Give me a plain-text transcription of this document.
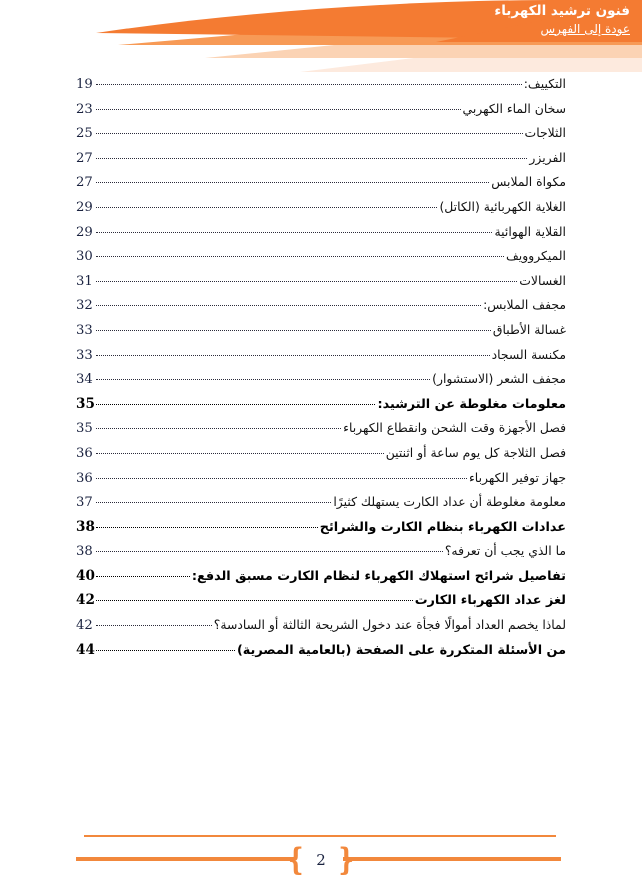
فنون ترشيد الكهرباء
عودة إلى الفهرس
التكييف:
19
سخان الماء الكهربي
23
الثلاجات
25
الفريزر
27
مكواة الملابس
27
الغلاية الكهربائية (الكاتل)
29
القلاية الهوائية
29
الميكروويف
30
الغسالات
31
مجفف الملابس:
32
غسالة الأطباق
33
مكنسة السجاد
33
مجفف الشعر (الاستشوار)
34
معلومات مغلوطة عن الترشيد:
35
فصل الأجهزة وقت الشحن وانقطاع الكهرباء
35
فصل الثلاجة كل يوم ساعة أو اثنتين
36
جهاز توفير الكهرباء
36
معلومة مغلوطة أن عداد الكارت يستهلك كثيرًا
37
عدادات الكهرباء بنظام الكارت والشرائح
38
ما الذي يجب أن تعرفه؟
38
تفاصيل شرائح استهلاك الكهرباء لنظام الكارت مسبق الدفع:
40
لغز عداد الكهرباء الكارت
42
لماذا يخصم العداد أموالًا فجأة عند دخول الشريحة الثالثة أو السادسة؟
42
من الأسئلة المتكررة على الصفحة (بالعامية المصرية)
44
❴
2
❵
